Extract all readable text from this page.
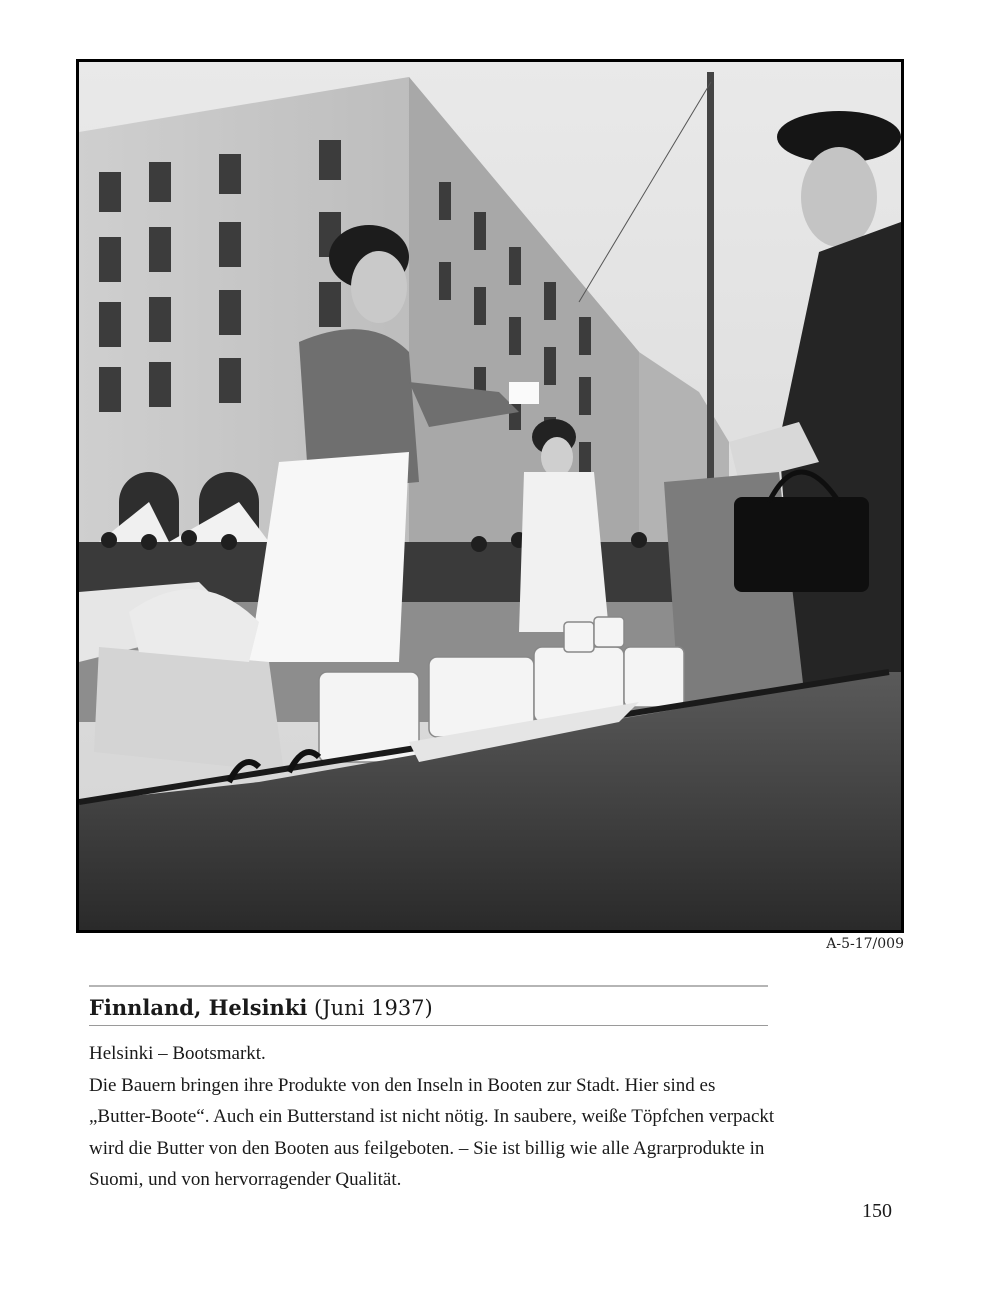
A-5-17/009
Finnland, Helsinki (Juni 1937)

Helsinki – Bootsmarkt.

Die Bauern bringen ihre Produkte von den Inseln in Booten zur Stadt. Hier sind es „Butter-Boote“. Auch ein Butterstand ist nicht nötig. In saubere, weiße Töpfchen verpackt wird die Butter von den Booten aus feilgeboten. – Sie ist billig wie alle Agrarprodukte in Suomi, und von hervorragender Qualität.

150
